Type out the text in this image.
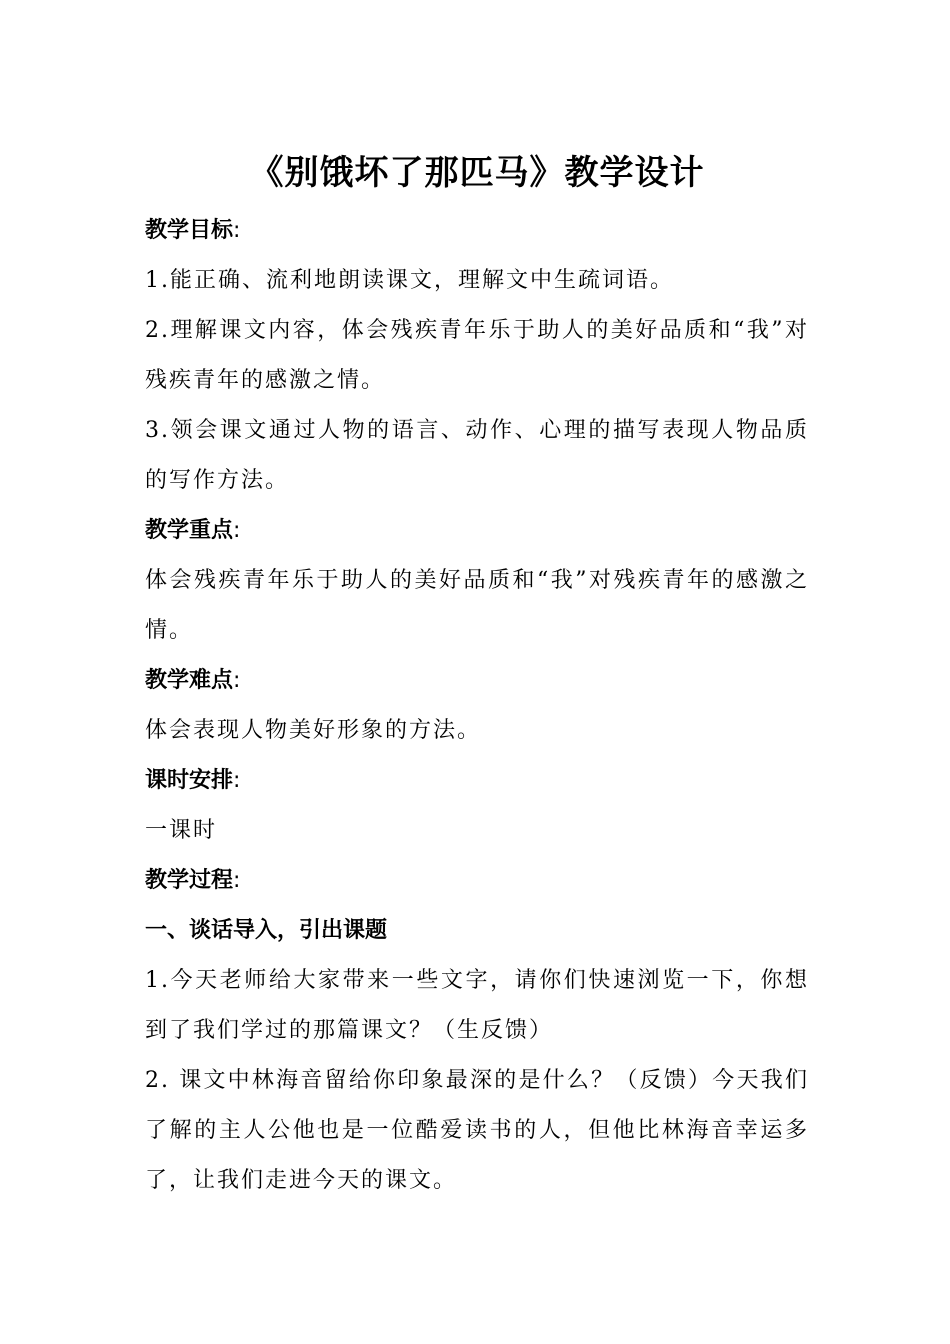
《别饿坏了那匹马》教学设计

教学目标:

1.能正确、流利地朗读课文，理解文中生疏词语。

2.理解课文内容，体会残疾青年乐于助人的美好品质和“我”对残疾青年的感激之情。

3.领会课文通过人物的语言、动作、心理的描写表现人物品质的写作方法。

教学重点:

体会残疾青年乐于助人的美好品质和“我”对残疾青年的感激之情。

教学难点:

体会表现人物美好形象的方法。

课时安排:

一课时

教学过程:

一、谈话导入，引出课题

1.今天老师给大家带来一些文字，请你们快速浏览一下，你想到了我们学过的那篇课文？（生反馈）

2. 课文中林海音留给你印象最深的是什么？（反馈）今天我们了解的主人公他也是一位酷爱读书的人，但他比林海音幸运多了，让我们走进今天的课文。
